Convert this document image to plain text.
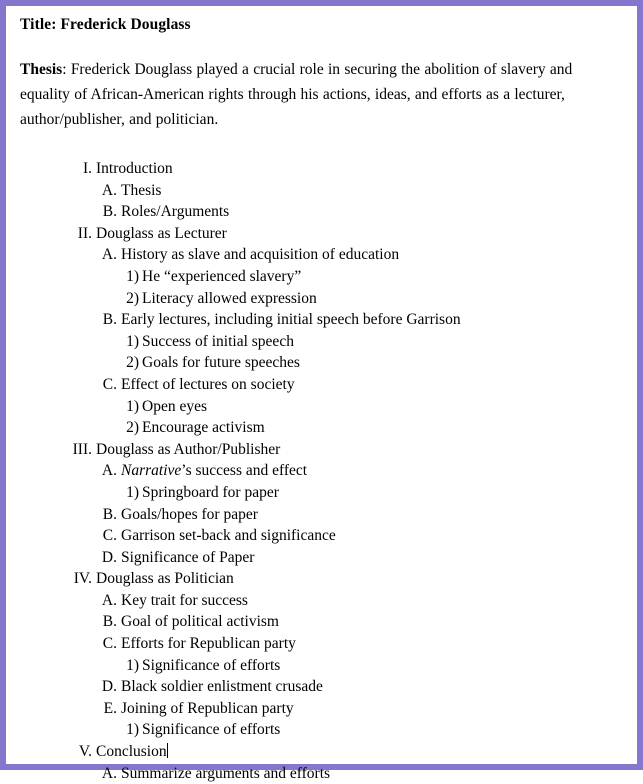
Title: Frederick Douglass

Thesis: Frederick Douglass played a crucial role in securing the abolition of slavery and equality of African-American rights through his actions, ideas, and efforts as a lecturer, author/publisher, and politician.

I. Introduction
A. Thesis
B. Roles/Arguments
II. Douglass as Lecturer
A. History as slave and acquisition of education
1) He “experienced slavery”
2) Literacy allowed expression
B. Early lectures, including initial speech before Garrison
1) Success of initial speech
2) Goals for future speeches
C. Effect of lectures on society
1) Open eyes
2) Encourage activism
III. Douglass as Author/Publisher
A. Narrative’s success and effect
1) Springboard for paper
B. Goals/hopes for paper
C. Garrison set-back and significance
D. Significance of Paper
IV. Douglass as Politician
A. Key trait for success
B. Goal of political activism
C. Efforts for Republican party
1) Significance of efforts
D. Black soldier enlistment crusade
E. Joining of Republican party
1) Significance of efforts
V. Conclusion
A. Summarize arguments and efforts
